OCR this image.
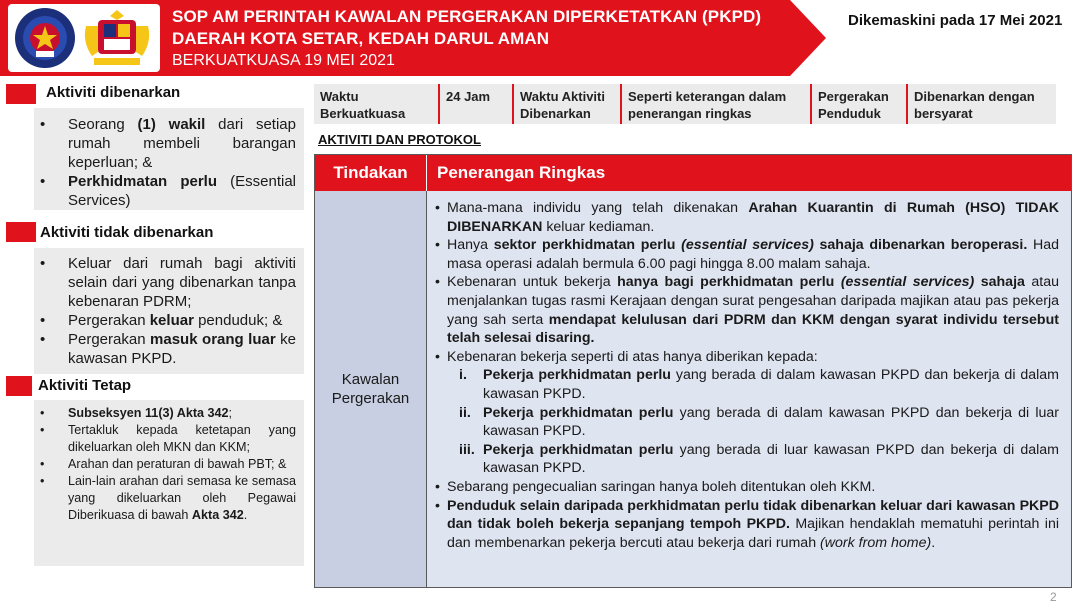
SOP AM PERINTAH KAWALAN PERGERAKAN DIPERKETATKAN (PKPD)
DAERAH KOTA SETAR, KEDAH DARUL AMAN
BERKUATKUASA 19 MEI 2021
Dikemaskini pada 17 Mei 2021
Aktiviti dibenarkan
• Seorang (1) wakil dari setiap rumah membeli barangan keperluan; &
• Perkhidmatan perlu (Essential Services)
Aktiviti tidak dibenarkan
• Keluar dari rumah bagi aktiviti selain dari yang dibenarkan tanpa kebenaran PDRM;
• Pergerakan keluar penduduk; &
• Pergerakan masuk orang luar ke kawasan PKPD.
Aktiviti Tetap
• Subseksyen 11(3) Akta 342;
• Tertakluk kepada ketetapan yang dikeluarkan oleh MKN dan KKM;
• Arahan dan peraturan di bawah PBT; &
• Lain-lain arahan dari semasa ke semasa yang dikeluarkan oleh Pegawai Diberikuasa di bawah Akta 342.
Waktu
Berkuatkuasa
24 Jam	Waktu Aktiviti
Dibenarkan
Seperti keterangan dalam
penerangan ringkas
Pergerakan
Penduduk
Dibenarkan dengan
bersyarat
AKTIVITI DAN PROTOKOL
Tindakan	Penerangan Ringkas
Kawalan
Pergerakan
• Mana-mana individu yang telah dikenakan Arahan Kuarantin di Rumah (HSO) TIDAK DIBENARKAN keluar kediaman.
• Hanya sektor perkhidmatan perlu (essential services) sahaja dibenarkan beroperasi. Had masa operasi adalah bermula 6.00 pagi hingga 8.00 malam sahaja.
• Kebenaran untuk bekerja hanya bagi perkhidmatan perlu (essential services) sahaja atau menjalankan tugas rasmi Kerajaan dengan surat pengesahan daripada majikan atau pas pekerja yang sah serta mendapat kelulusan dari PDRM dan KKM dengan syarat individu tersebut telah selesai disaring.
• Kebenaran bekerja seperti di atas hanya diberikan kepada:
i. Pekerja perkhidmatan perlu yang berada di dalam kawasan PKPD dan bekerja di dalam kawasan PKPD.
ii. Pekerja perkhidmatan perlu yang berada di dalam kawasan PKPD dan bekerja di luar kawasan PKPD.
iii. Pekerja perkhidmatan perlu yang berada di luar kawasan PKPD dan bekerja di dalam kawasan PKPD.
• Sebarang pengecualian saringan hanya boleh ditentukan oleh KKM.
• Penduduk selain daripada perkhidmatan perlu tidak dibenarkan keluar dari kawasan PKPD dan tidak boleh bekerja sepanjang tempoh PKPD. Majikan hendaklah mematuhi perintah ini dan membenarkan pekerja bercuti atau bekerja dari rumah (work from home).
2
